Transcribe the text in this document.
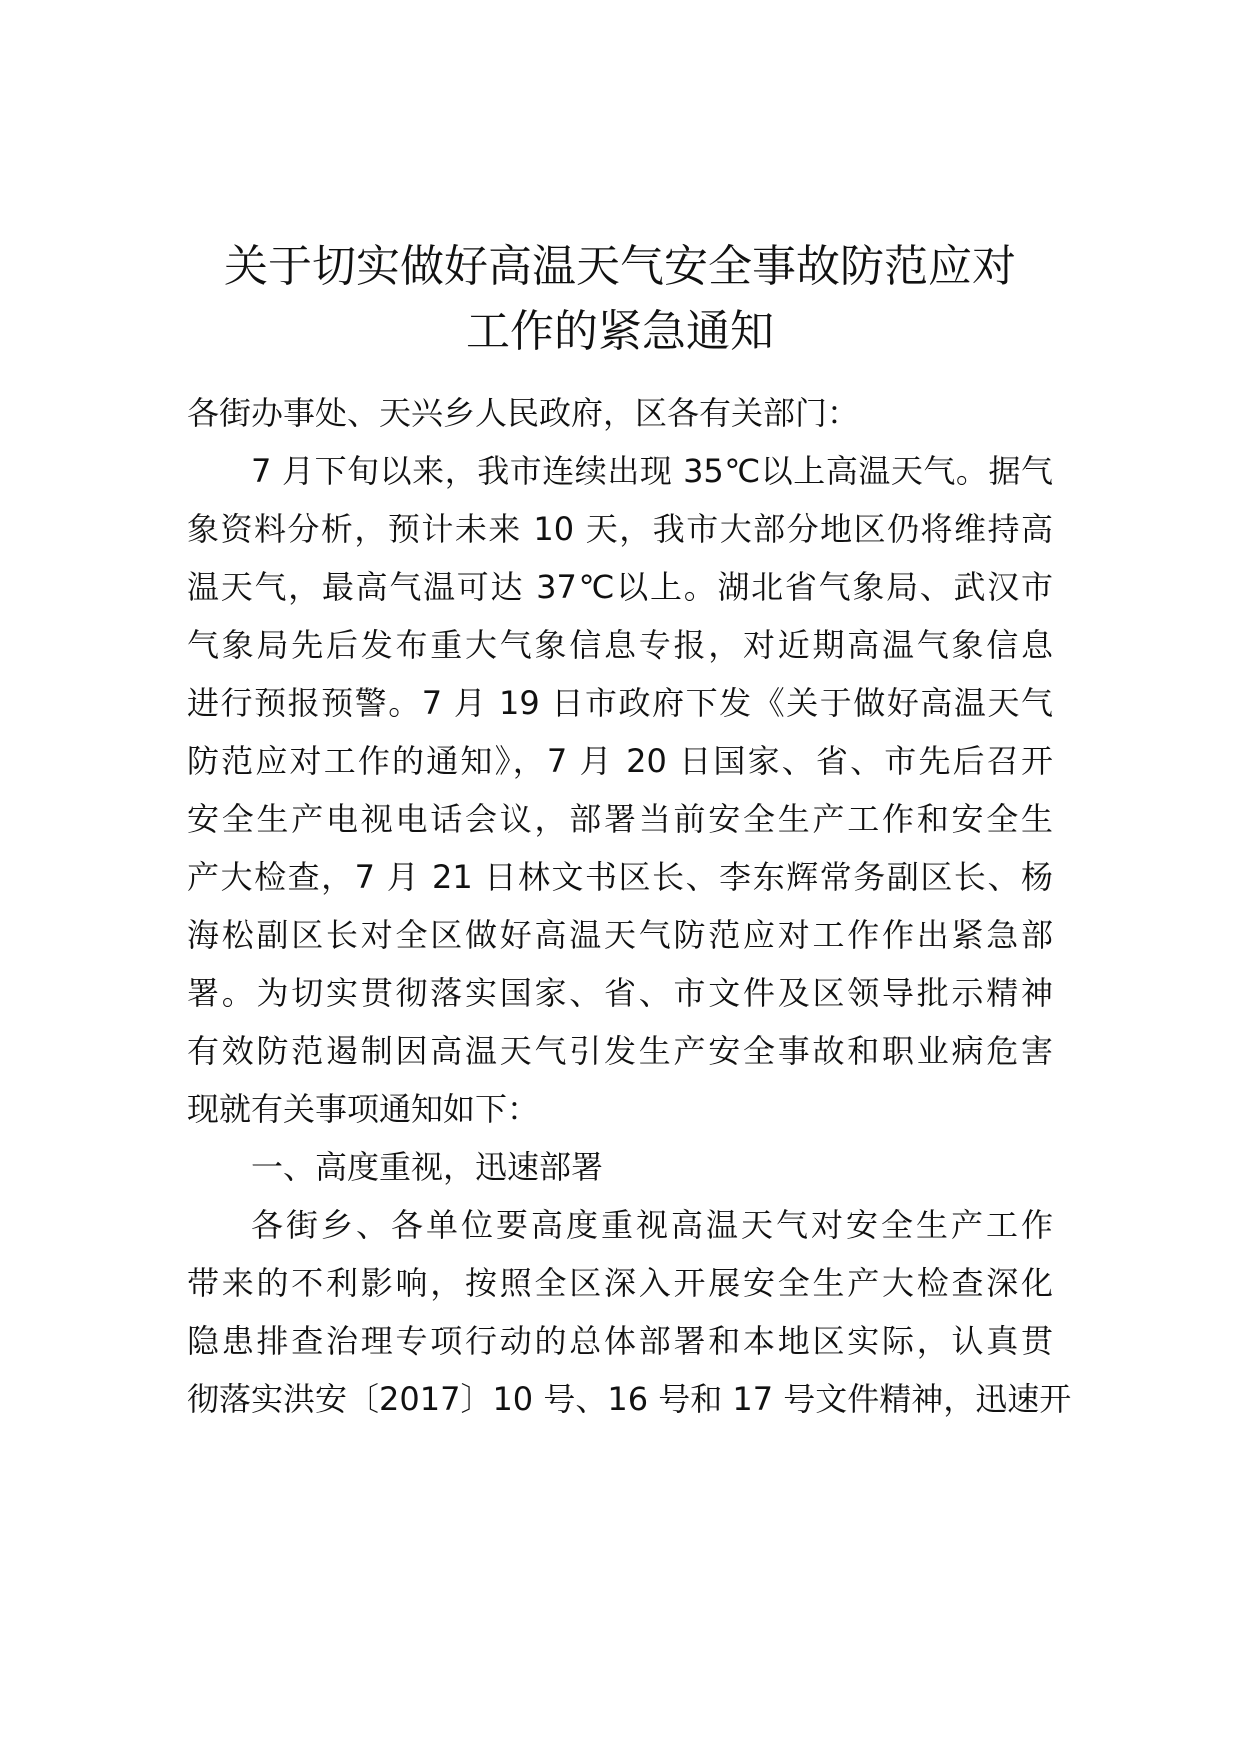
关于切实做好高温天气安全事故防范应对
工作的紧急通知
各街办事处、天兴乡人民政府，区各有关部门：
7 月下旬以来，我市连续出现 35℃以上高温天气。据气
象资料分析，预计未来 10 天，我市大部分地区仍将维持高
温天气，最高气温可达 37℃以上。湖北省气象局、武汉市
气象局先后发布重大气象信息专报，对近期高温气象信息
进行预报预警。7 月 19 日市政府下发《关于做好高温天气
防范应对工作的通知》，7 月 20 日国家、省、市先后召开
安全生产电视电话会议，部署当前安全生产工作和安全生
产大检查，7 月 21 日林文书区长、李东辉常务副区长、杨
海松副区长对全区做好高温天气防范应对工作作出紧急部
署。为切实贯彻落实国家、省、市文件及区领导批示精神
有效防范遏制因高温天气引发生产安全事故和职业病危害
现就有关事项通知如下：
一、高度重视，迅速部署
各街乡、各单位要高度重视高温天气对安全生产工作
带来的不利影响，按照全区深入开展安全生产大检查深化
隐患排查治理专项行动的总体部署和本地区实际，认真贯
彻落实洪安〔2017〕10 号、16 号和 17 号文件精神，迅速开
